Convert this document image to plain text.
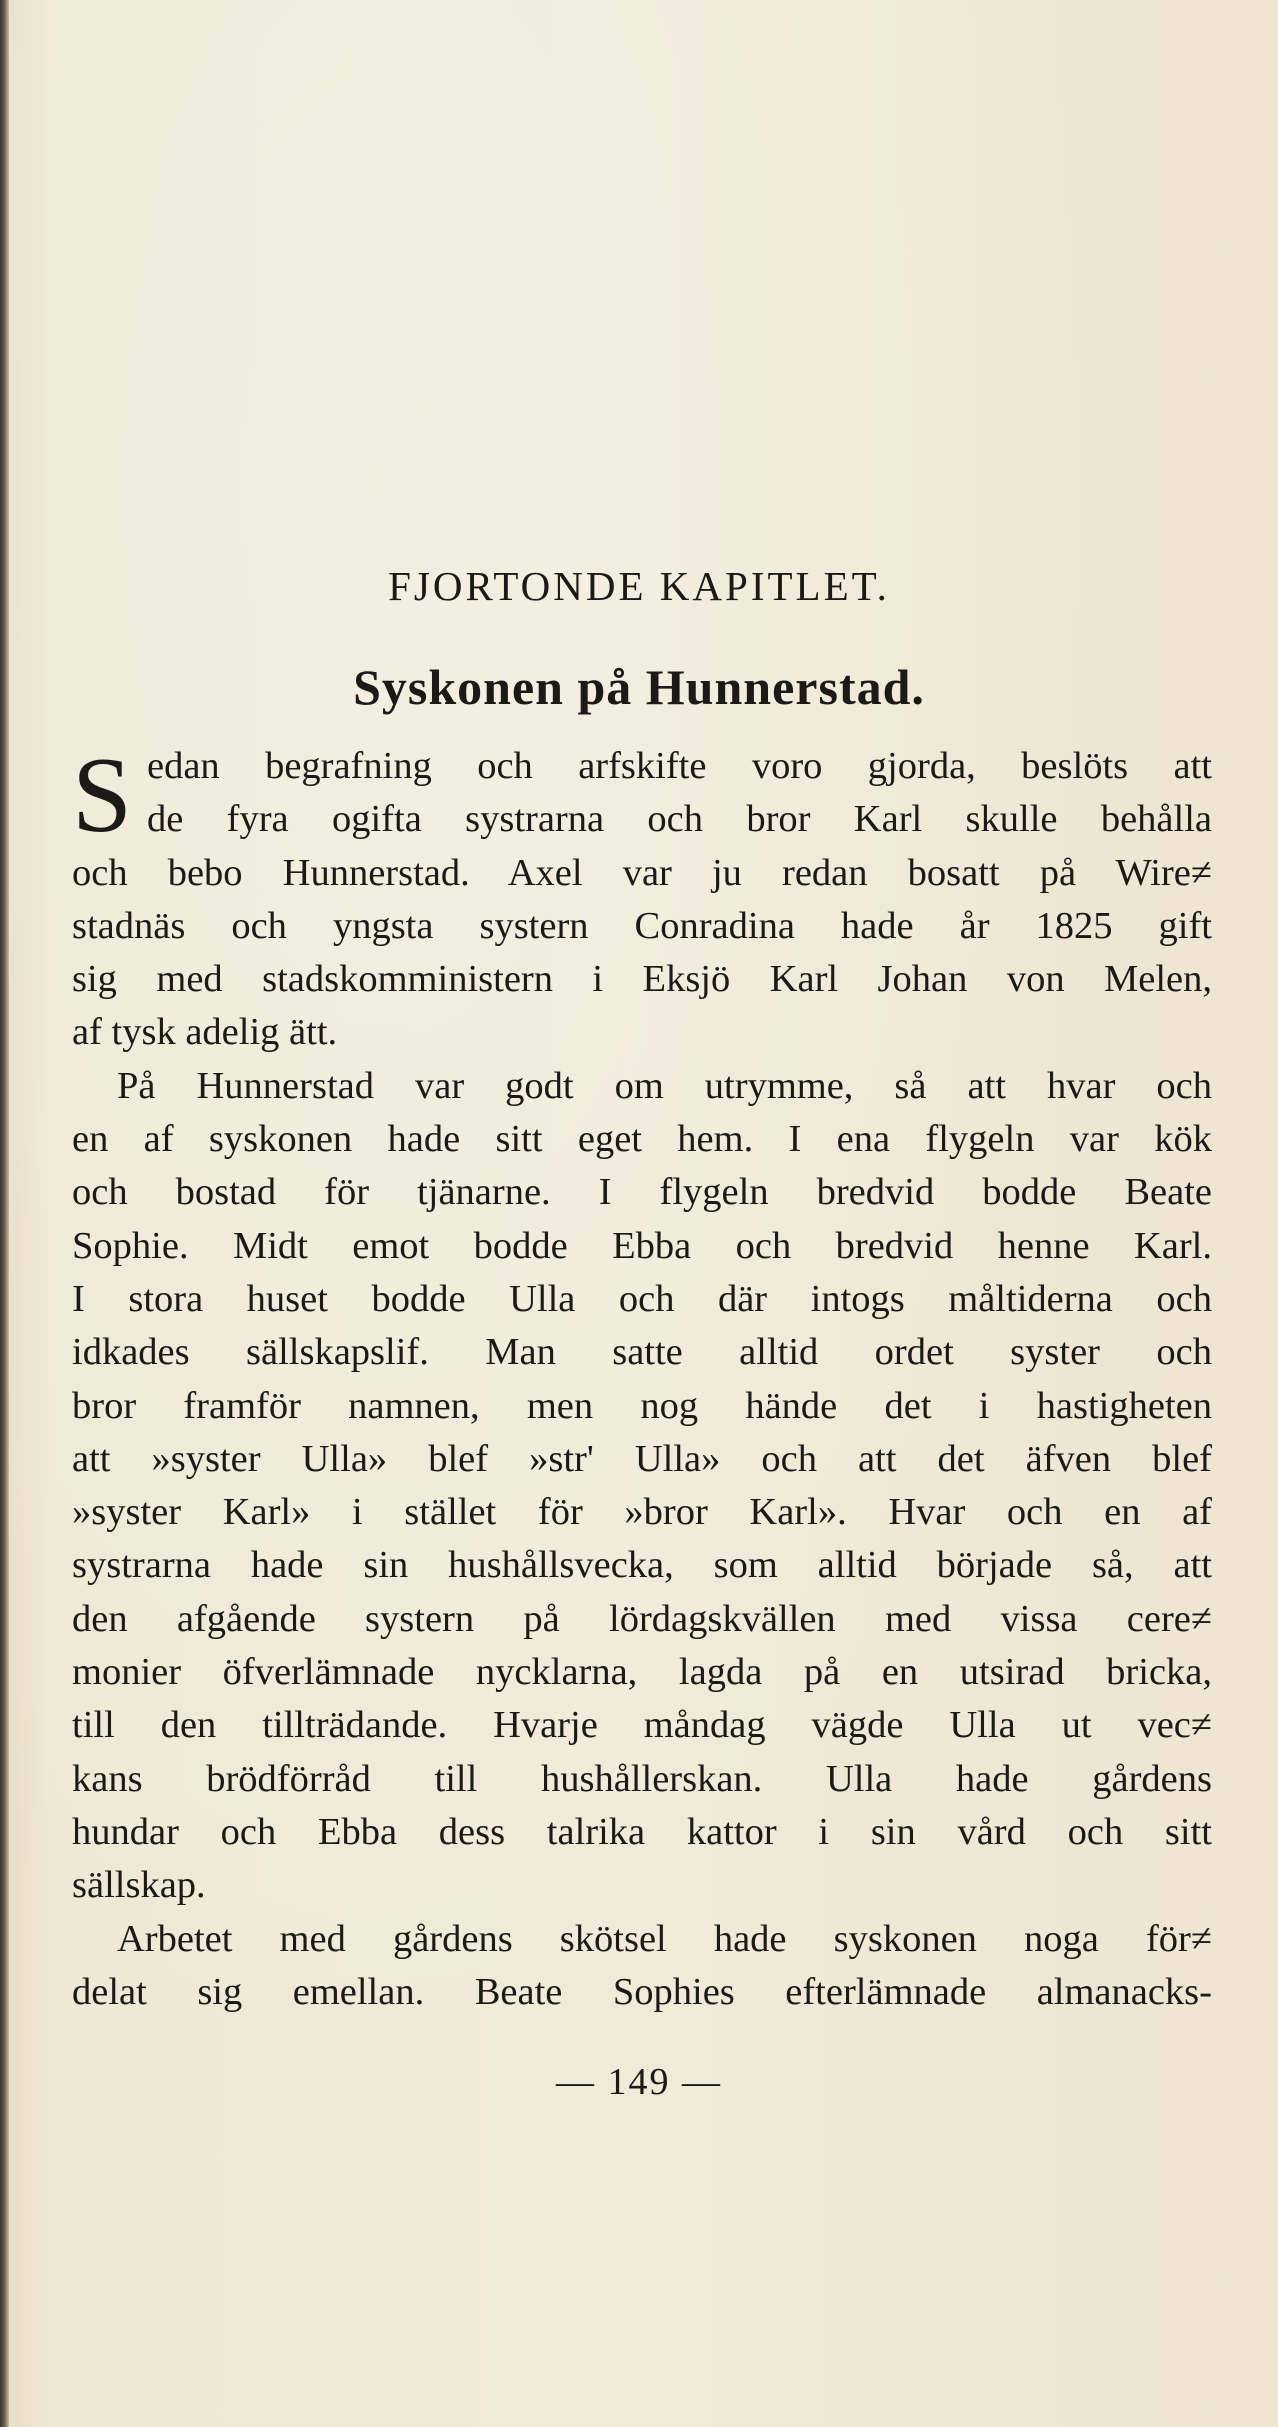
FJORTONDE KAPITLET.
Syskonen på Hunnerstad.
S edan begrafning och arfskifte voro gjorda, beslöts att
de fyra ogifta systrarna och bror Karl skulle behålla
och bebo Hunnerstad. Axel var ju redan bosatt på Wire≠
stadnäs och yngsta systern Conradina hade år 1825 gift
sig med stadskomministern i Eksjö Karl Johan von Melen,
af tysk adelig ätt.
På Hunnerstad var godt om utrymme, så att hvar och
en af syskonen hade sitt eget hem. I ena flygeln var kök
och bostad för tjänarne. I flygeln bredvid bodde Beate
Sophie. Midt emot bodde Ebba och bredvid henne Karl.
I stora huset bodde Ulla och där intogs måltiderna och
idkades sällskapslif. Man satte alltid ordet syster och
bror framför namnen, men nog hände det i hastigheten
att »syster Ulla» blef »str' Ulla» och att det äfven blef
»syster Karl» i stället för »bror Karl». Hvar och en af
systrarna hade sin hushållsvecka, som alltid började så, att
den afgående systern på lördagskvällen med vissa cere≠
monier öfverlämnade nycklarna, lagda på en utsirad bricka,
till den tillträdande. Hvarje måndag vägde Ulla ut vec≠
kans brödförråd till hushållerskan. Ulla hade gårdens
hundar och Ebba dess talrika kattor i sin vård och sitt
sällskap.
Arbetet med gårdens skötsel hade syskonen noga för≠
delat sig emellan. Beate Sophies efterlämnade almanacks-
— 149 —
